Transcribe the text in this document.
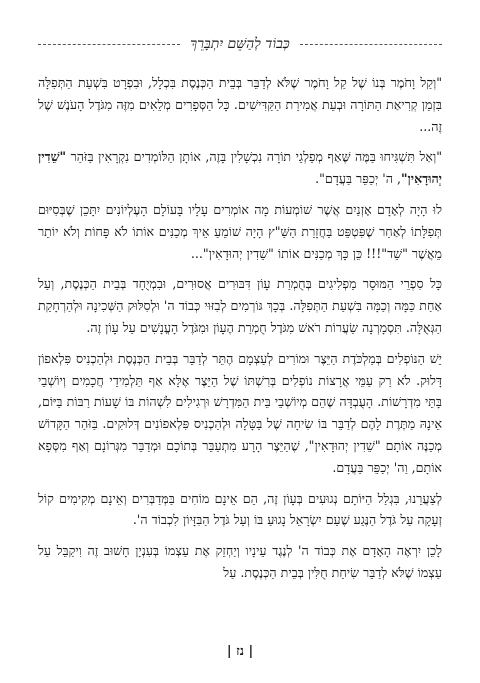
כְּבוֹד לְהַשֵּׁם יִתְבָּרֵךְ

"וְקַל וָחֹמֶר בְּנוֹ שֶׁל קַל וָחֹמֶר שֶׁלֹּא לְדַבֵּר בְּבֵית הַכְּנֶסֶת בִּכְלָל, וּבִפְרָט בִּשְׁעַת הַתְּפִלָּה בִּזְמַן קְרִיאַת הַתּוֹרָה וּבְעֵת אֲמִירַת הַקַּדִּישִׁים. כָּל הַסְּפָרִים מְלֵאִים מִזֶּה מִגֹּדֶל הָעֹנֶשׁ שֶׁל זֶה...

"וְאַל תִּשְׁגִּיחוּ בַּמֶּה שֶּׁאַף מְפַלְגֵי תוֹרָה נִכְשָׁלִין בָּזֶה, אוֹתָן הַלּוֹמְדִים נִקְרָאִין בַּזֹּהַר "שֵׁדִין יְהוּדָאִין", ה' יְכַפֵּר בַּעֲדָם".

לוּ הָיָה לְאָדָם אָזְנַיִם אֲשֶׁר שׁוֹמְעוֹת מָה אוֹמְרִים עָלָיו בָּעוֹלָם הָעֶלְיוֹנִים יִתָּכֵן שֶׁבְּסִיּוּם תְּפִלָּתוֹ לְאַחַר שֶׁפִּטְפֵּט בַּחֲזָרַת הַשַּׁ"ץ הָיָה שׁוֹמֵעַ אֵיךְ מְכַנִּים אוֹתוֹ לֹא פָּחוֹת וְלֹא יוֹתֵר מֵאֲשֶׁר "שֵׁד"!!! כֵּן כָּךְ מְכַנִּים אוֹתוֹ "שֵׁדִין יְהוּדָאִין"...

כָּל סִפְרֵי הַמּוּסָר מַפְלִיגִים בְּחֻמְרַת עָוֹן דִּבּוּרִים אֲסוּרִים, וּבִמְיֻחָד בְּבֵית הַכְּנֶסֶת, וְעַל אַחַת כַּמָּה וְכַמָּה בִּשְׁעַת הַתְּפִלָּה. בְּכָךְ גּוֹרְמִים לְבִזּוּי כְּבוֹד ה' וּלְסִלּוּק הַשְּׁכִינָה וּלְהַרְחָקַת הַגְּאֻלָּה. תִּסְמָרְנָה שַׂעֲרוֹת רֹאשׁ מִגֹּדֶל חֻמְרַת הֶעָוֹן וּמִגֹּדֶל הָעֳנָשִׁים עַל עָוֹן זֶה.

יֵשׁ הַנּוֹפְלִים בְּמַלְכֹּדֶת הַיֵּצֶר וּמוֹרִים לְעַצְמָם הֶתֵּר לְדַבֵּר בְּבֵית הַכְּנֶסֶת וּלְהַכְנִיס פִּלְאפוֹן דָּלוּק. לֹא רַק עַמֵּי אֲרָצוֹת נוֹפְלִים בְּרִשְׁתּוֹ שֶׁל הַיֵּצֶר אֶלָּא אַף תַּלְמִידֵי חֲכָמִים וְיוֹשְׁבֵי בָּתֵּי מִדְרָשׁוֹת. הָעֻבְדָּה שֶׁהֵם מְיוֹשְׁבֵי בֵּית הַמִּדְרָשׁ וּרְגִילִים לִשְׁהוֹת בּוֹ שָׁעוֹת רַבּוֹת בַּיּוֹם, אֵינָהּ מַתֶּרֶת לָהֶם לְדַבֵּר בּוֹ שִׂיחָה שֶׁל בַּטָּלָה וּלְהַכְנִיס פִּלְאפוֹנִים דְּלוּקִים. בַּזֹּהַר הַקָּדוֹשׁ מְכַנֶּה אוֹתָם "שֵׁדִין יְהוּדָאִין", שֶׁהַיֵּצֶר הָרָע מִתְעַבֵּר בְּתוֹכָם וּמְדַבֵּר מִגְּרוֹנָם וְאַף מִסְּפָא אוֹתָם, וַה' יְכַפֵּר בַּעֲדָם.

לְצַעֲרֵנוּ, בִּגְלַל הַיּוֹתָם נְגוּעִים בְּעָוֹן זֶה, הֵם אֵינָם מוֹחִים בַּמְּדַבְּרִים וְאֵינָם מְקִימִים קוֹל זְעָקָה עַל גֹּדֶל הַנֶּגַע שֶׁעַם יִשְׂרָאֵל נָגוּעַ בּוֹ וְעַל גֹּדֶל הַבִּזָּיוֹן לִכְבוֹד ה'.

לָכֵן יִרְאֶה הָאָדָם אֶת כְּבוֹד ה' לְנֶגֶד עֵינָיו וְיַחְזֵק אֶת עַצְמוֹ בְּעִנְיָן חָשׁוּב זֶה וִיקַבֵּל עַל עַצְמוֹ שֶׁלֹּא לְדַבֵּר שִׂיחַת חֻלִּין בְּבֵית הַכְּנֶסֶת. עַל

| נז |
